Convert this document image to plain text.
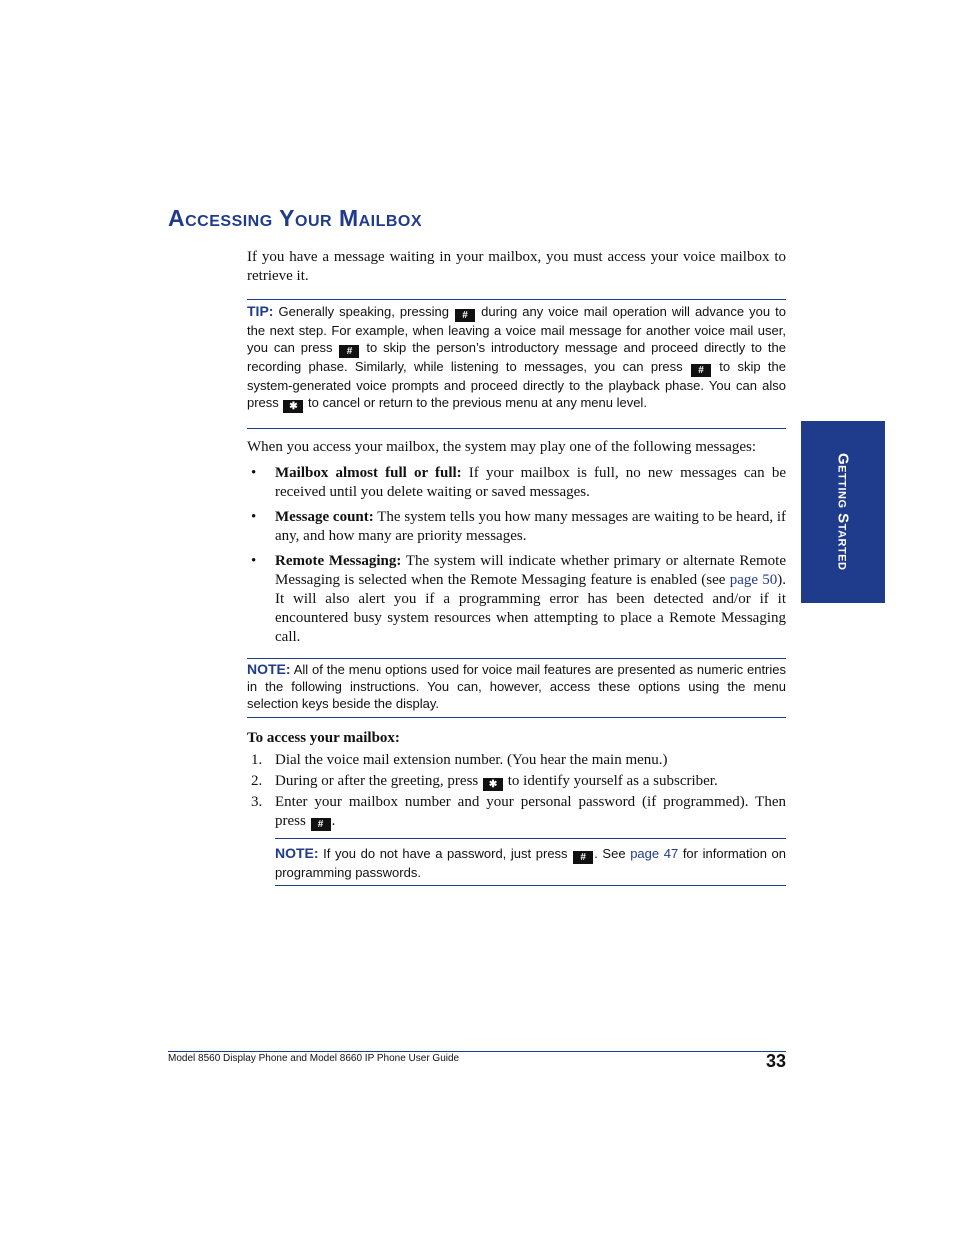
Accessing Your Mailbox

If you have a message waiting in your mailbox, you must access your voice mailbox to retrieve it.

TIP: Generally speaking, pressing # during any voice mail operation will advance you to the next step. For example, when leaving a voice mail message for another voice mail user, you can press # to skip the person’s introductory message and proceed directly to the recording phase. Similarly, while listening to messages, you can press # to skip the system-generated voice prompts and proceed directly to the playback phase. You can also press ✱ to cancel or return to the previous menu at any menu level.

When you access your mailbox, the system may play one of the following messages:

• Mailbox almost full or full: If your mailbox is full, no new messages can be received until you delete waiting or saved messages.
• Message count: The system tells you how many messages are waiting to be heard, if any, and how many are priority messages.
• Remote Messaging: The system will indicate whether primary or alternate Remote Messaging is selected when the Remote Messaging feature is enabled (see page 50). It will also alert you if a programming error has been detected and/or if it encountered busy system resources when attempting to place a Remote Messaging call.
NOTE: All of the menu options used for voice mail features are presented as numeric entries in the following instructions. You can, however, access these options using the menu selection keys beside the display.

To access your mailbox:

1. Dial the voice mail extension number. (You hear the main menu.)
2. During or after the greeting, press ✱ to identify yourself as a subscriber.
3. Enter your mailbox number and your personal password (if programmed). Then press # .
NOTE: If you do not have a password, just press # . See page 47 for information on programming passwords.
Getting Started
Model 8560 Display Phone and Model 8660 IP Phone User Guide	33
